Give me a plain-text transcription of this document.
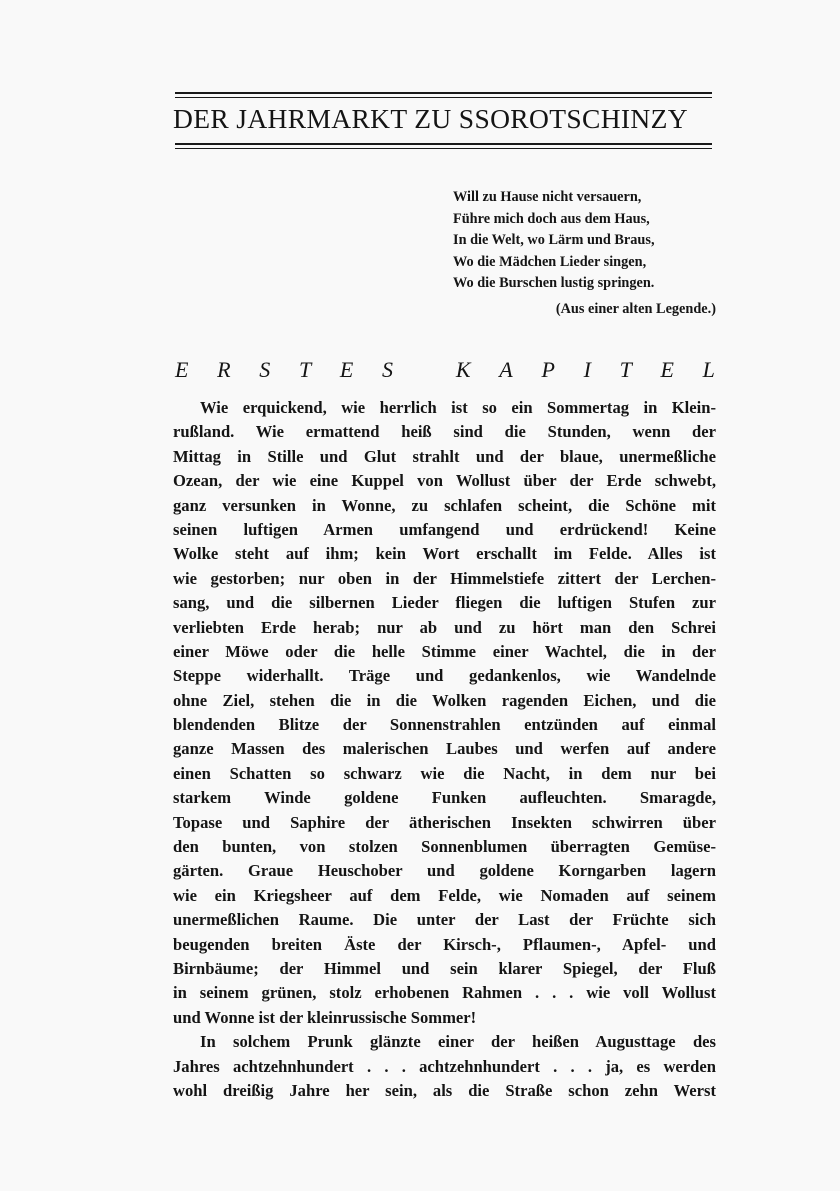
DER JAHRMARKT ZU SSOROTSCHINZY
Will zu Hause nicht versauern,
Führe mich doch aus dem Haus,
In die Welt, wo Lärm und Braus,
Wo die Mädchen Lieder singen,
Wo die Burschen lustig springen.
(Aus einer alten Legende.)
E R S T E S
	K A P I T E L
Wie erquickend, wie herrlich ist so ein Sommertag in Klein-
rußland. Wie ermattend heiß sind die Stunden, wenn der
Mittag in Stille und Glut strahlt und der blaue, unermeßliche
Ozean, der wie eine Kuppel von Wollust über der Erde schwebt,
ganz versunken in Wonne, zu schlafen scheint, die Schöne mit
seinen luftigen Armen umfangend und erdrückend! Keine
Wolke steht auf ihm; kein Wort erschallt im Felde. Alles ist
wie gestorben; nur oben in der Himmelstiefe zittert der Lerchen-
sang, und die silbernen Lieder fliegen die luftigen Stufen zur
verliebten Erde herab; nur ab und zu hört man den Schrei
einer Möwe oder die helle Stimme einer Wachtel, die in der
Steppe widerhallt. Träge und gedankenlos, wie Wandelnde
ohne Ziel, stehen die in die Wolken ragenden Eichen, und die
blendenden Blitze der Sonnenstrahlen entzünden auf einmal
ganze Massen des malerischen Laubes und werfen auf andere
einen Schatten so schwarz wie die Nacht, in dem nur bei
starkem Winde goldene Funken aufleuchten. Smaragde,
Topase und Saphire der ätherischen Insekten schwirren über
den bunten, von stolzen Sonnenblumen überragten Gemüse-
gärten. Graue Heuschober und goldene Korngarben lagern
wie ein Kriegsheer auf dem Felde, wie Nomaden auf seinem
unermeßlichen Raume. Die unter der Last der Früchte sich
beugenden breiten Äste der Kirsch-, Pflaumen-, Apfel- und
Birnbäume; der Himmel und sein klarer Spiegel, der Fluß
in seinem grünen, stolz erhobenen Rahmen . . . wie voll Wollust
und Wonne ist der kleinrussische Sommer!
In solchem Prunk glänzte einer der heißen Augusttage des
Jahres achtzehnhundert . . . achtzehnhundert . . . ja, es werden
wohl dreißig Jahre her sein, als die Straße schon zehn Werst
